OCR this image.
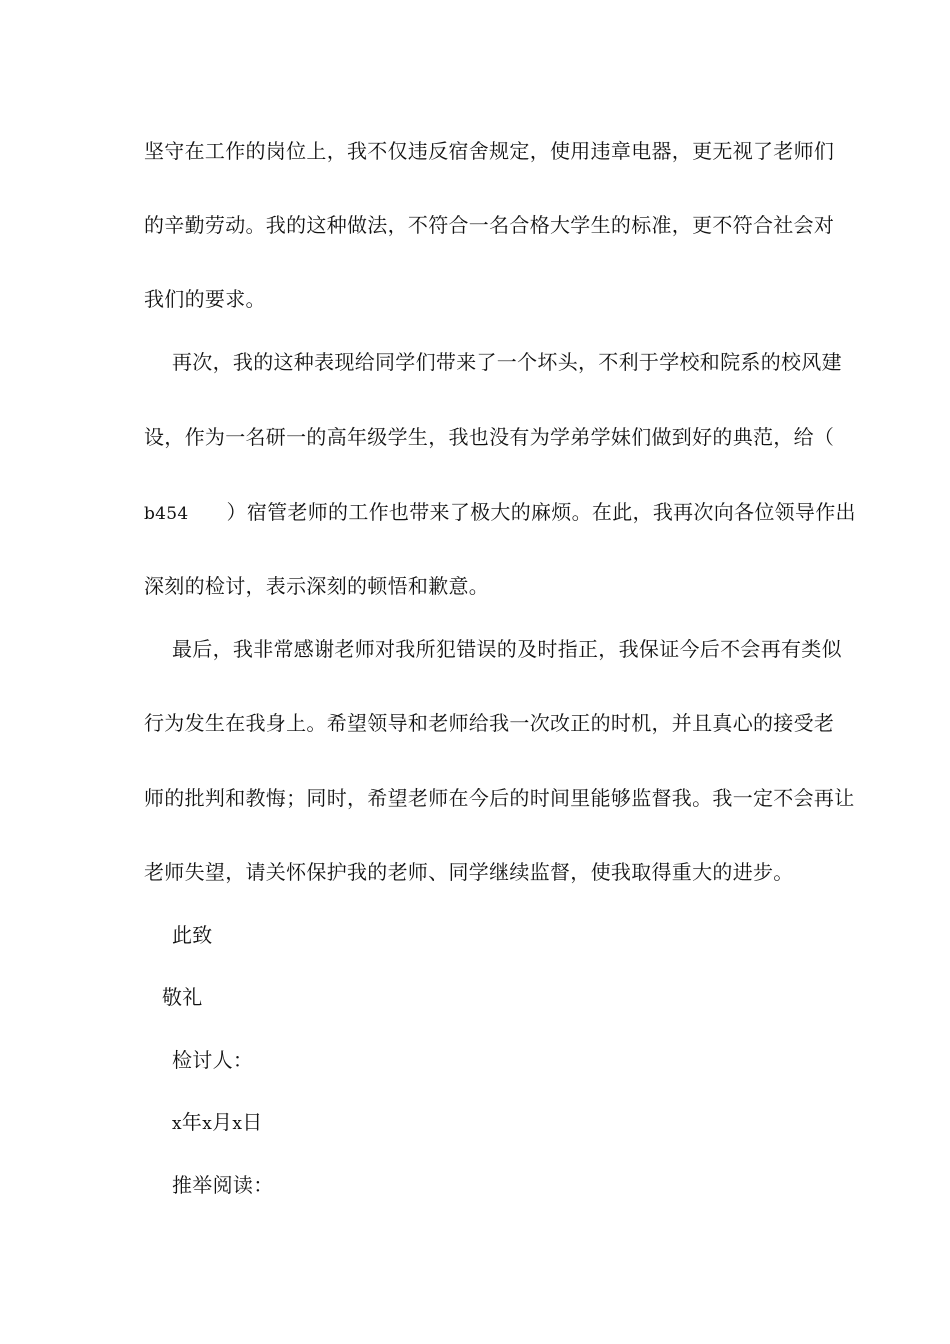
坚守在工作的岗位上，我不仅违反宿舍规定，使用违章电器，更无视了老师们
的辛勤劳动。我的这种做法，不符合一名合格大学生的标准，更不符合社会对
我们的要求。
再次，我的这种表现给同学们带来了一个坏头，不利于学校和院系的校风建
设，作为一名研一的高年级学生，我也没有为学弟学妹们做到好的典范，给（
b454 ）宿管老师的工作也带来了极大的麻烦。在此，我再次向各位领导作出
深刻的检讨，表示深刻的顿悟和歉意。
最后，我非常感谢老师对我所犯错误的及时指正，我保证今后不会再有类似
行为发生在我身上。希望领导和老师给我一次改正的时机，并且真心的接受老
师的批判和教悔；同时，希望老师在今后的时间里能够监督我。我一定不会再让
老师失望，请关怀保护我的老师、同学继续监督，使我取得重大的进步。
此致
敬礼
检讨人：
x年x月x日
推举阅读：
